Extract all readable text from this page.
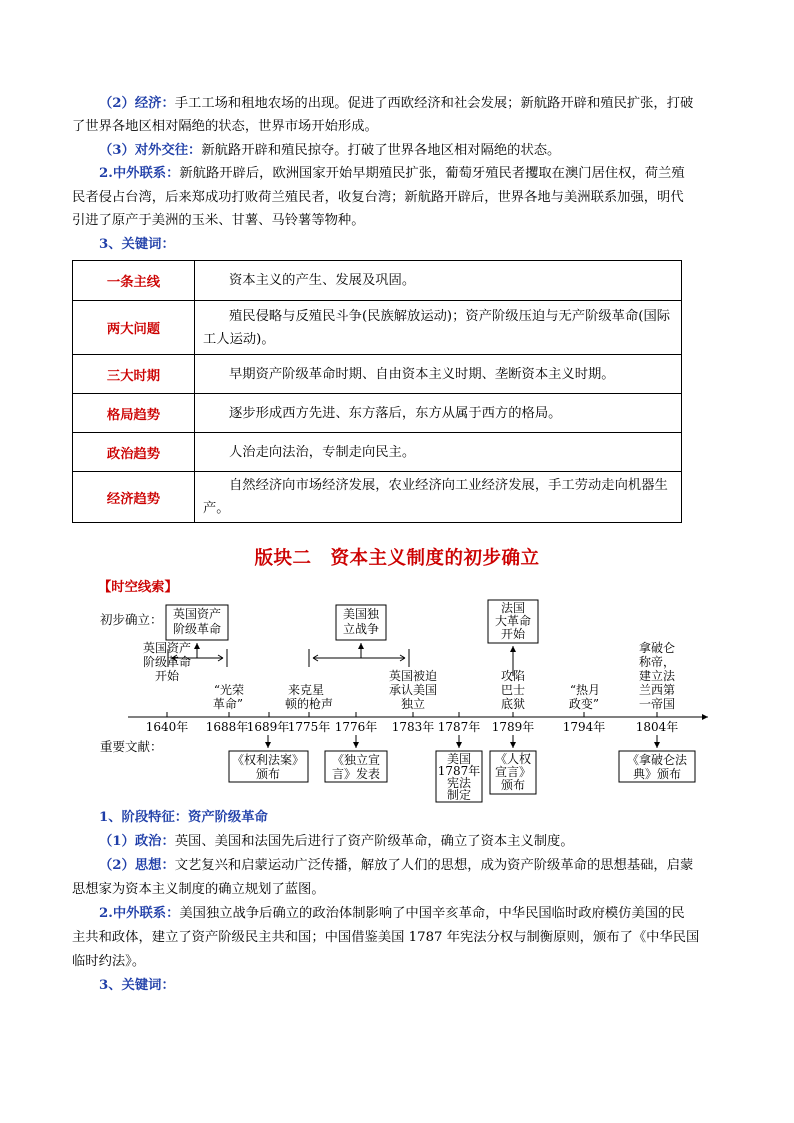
（2）经济：手工工场和租地农场的出现。促进了西欧经济和社会发展；新航路开辟和殖民扩张，打破

了世界各地区相对隔绝的状态，世界市场开始形成。

（3）对外交往：新航路开辟和殖民掠夺。打破了世界各地区相对隔绝的状态。

2.中外联系：新航路开辟后，欧洲国家开始早期殖民扩张，葡萄牙殖民者攫取在澳门居住权，荷兰殖

民者侵占台湾，后来郑成功打败荷兰殖民者，收复台湾；新航路开辟后，世界各地与美洲联系加强，明代

引进了原产于美洲的玉米、甘薯、马铃薯等物种。

3、关键词：

一条主线	资本主义的产生、发展及巩固。
两大问题	殖民侵略与反殖民斗争(民族解放运动)；资产阶级压迫与无产阶级革命(国际工人运动)。
三大时期	早期资产阶级革命时期、自由资本主义时期、垄断资本主义时期。
格局趋势	逐步形成西方先进、东方落后，东方从属于西方的格局。
政治趋势	人治走向法治，专制走向民主。
经济趋势	自然经济向市场经济发展，农业经济向工业经济发展，手工劳动走向机器生产。
版块二　资本主义制度的初步确立
【时空线索】
初步确立：
重要文献：
英国资产
阶级革命
美国独
立战争
法国
大革命
开始
英国资产
阶级革命
开始
“光荣
革命”
来克星
顿的枪声
英国被迫
承认美国
独立
攻陷
巴士
底狱
“热月
政变”
拿破仑
称帝，
建立法
兰西第
一帝国
1640年 1688年
1689年
1775年 1776年 1783年 1787年 1789年 1794年	1804年
《权利法案》
颁布
《独立宣
言》发表
美国
1787年
宪法
制定
《人权
宣言》
颁布
《拿破仑法
典》颁布

1、阶段特征：资产阶级革命

（1）政治：英国、美国和法国先后进行了资产阶级革命，确立了资本主义制度。

（2）思想：文艺复兴和启蒙运动广泛传播，解放了人们的思想，成为资产阶级革命的思想基础，启蒙

思想家为资本主义制度的确立规划了蓝图。

2.中外联系：美国独立战争后确立的政治体制影响了中国辛亥革命，中华民国临时政府模仿美国的民

主共和政体，建立了资产阶级民主共和国；中国借鉴美国 1787 年宪法分权与制衡原则，颁布了《中华民国

临时约法》。

3、关键词：
